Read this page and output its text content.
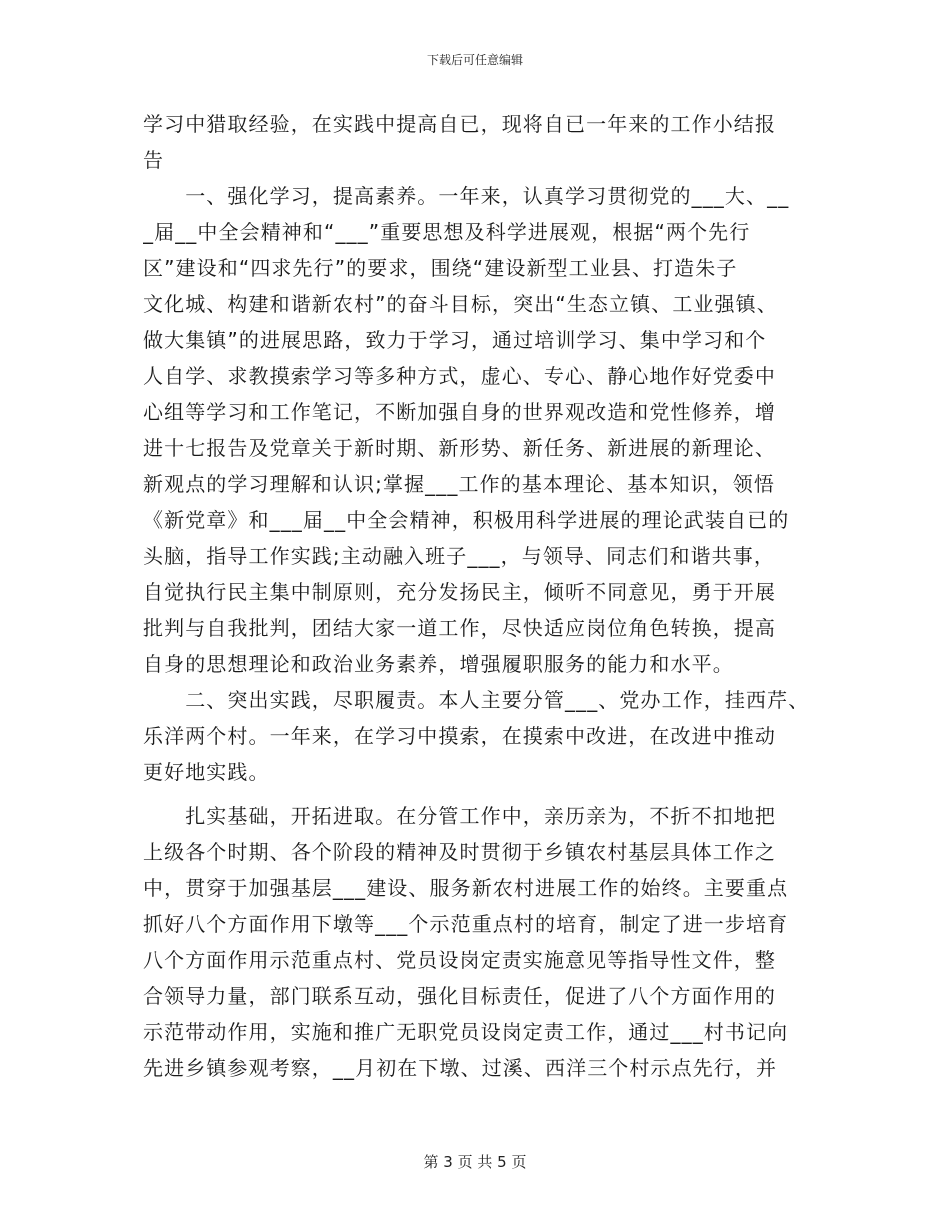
下载后可任意编辑
学习中猎取经验，在实践中提高自已，现将自已一年来的工作小结报
告
　　一、强化学习，提高素养。一年来，认真学习贯彻党的___大、__
_届__中全会精神和“___”重要思想及科学进展观，根据“两个先行
区”建设和“四求先行”的要求，围绕“建设新型工业县、打造朱子
文化城、构建和谐新农村”的奋斗目标，突出“生态立镇、工业强镇、
做大集镇”的进展思路，致力于学习，通过培训学习、集中学习和个
人自学、求教摸索学习等多种方式，虚心、专心、静心地作好党委中
心组等学习和工作笔记，不断加强自身的世界观改造和党性修养，增
进十七报告及党章关于新时期、新形势、新任务、新进展的新理论、
新观点的学习理解和认识;掌握___工作的基本理论、基本知识，领悟
《新党章》和___届__中全会精神，积极用科学进展的理论武装自已的
头脑，指导工作实践;主动融入班子___，与领导、同志们和谐共事，
自觉执行民主集中制原则，充分发扬民主，倾听不同意见，勇于开展
批判与自我批判，团结大家一道工作，尽快适应岗位角色转换，提高
自身的思想理论和政治业务素养，增强履职服务的能力和水平。
　　二、突出实践，尽职履责。本人主要分管___、党办工作，挂西芹、
乐洋两个村。一年来，在学习中摸索，在摸索中改进，在改进中推动
更好地实践。
　　扎实基础，开拓进取。在分管工作中，亲历亲为，不折不扣地把
上级各个时期、各个阶段的精神及时贯彻于乡镇农村基层具体工作之
中，贯穿于加强基层___建设、服务新农村进展工作的始终。主要重点
抓好八个方面作用下墩等___个示范重点村的培育，制定了进一步培育
八个方面作用示范重点村、党员设岗定责实施意见等指导性文件，整
合领导力量，部门联系互动，强化目标责任，促进了八个方面作用的
示范带动作用，实施和推广无职党员设岗定责工作，通过___村书记向
先进乡镇参观考察，__月初在下墩、过溪、西洋三个村示点先行，并
第 3 页 共 5 页
